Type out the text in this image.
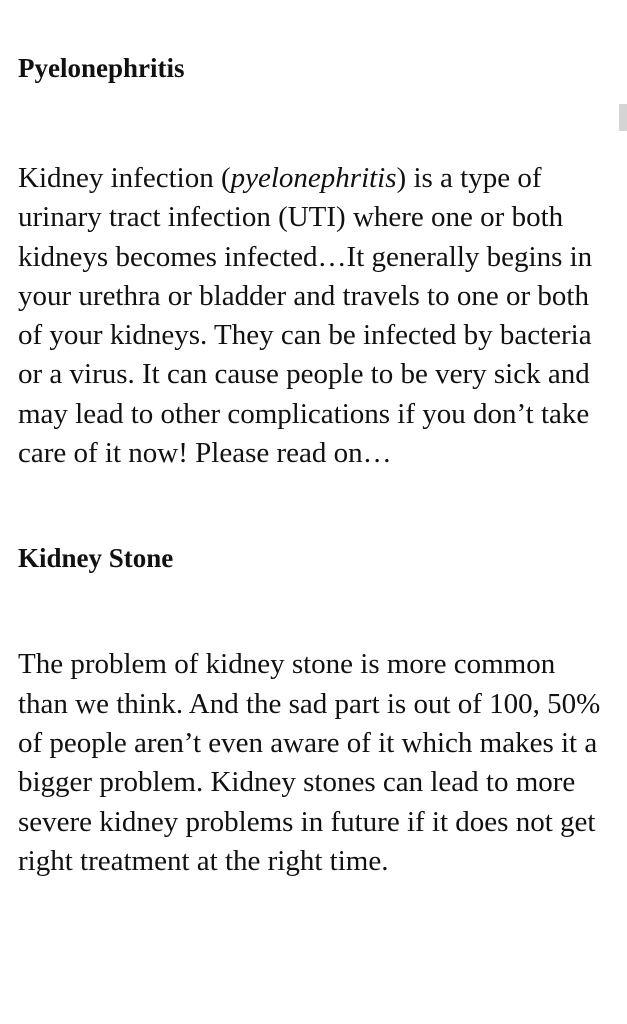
Pyelonephritis

Kidney infection (pyelonephritis) is a type of urinary tract infection (UTI) where one or both kidneys becomes infected…It generally begins in your urethra or bladder and travels to one or both of your kidneys. They can be infected by bacteria or a virus. It can cause people to be very sick and may lead to other complications if you don’t take care of it now! Please read on…

Kidney Stone

The problem of kidney stone is more common than we think. And the sad part is out of 100, 50% of people aren’t even aware of it which makes it a bigger problem. Kidney stones can lead to more severe kidney problems in future if it does not get right treatment at the right time.
